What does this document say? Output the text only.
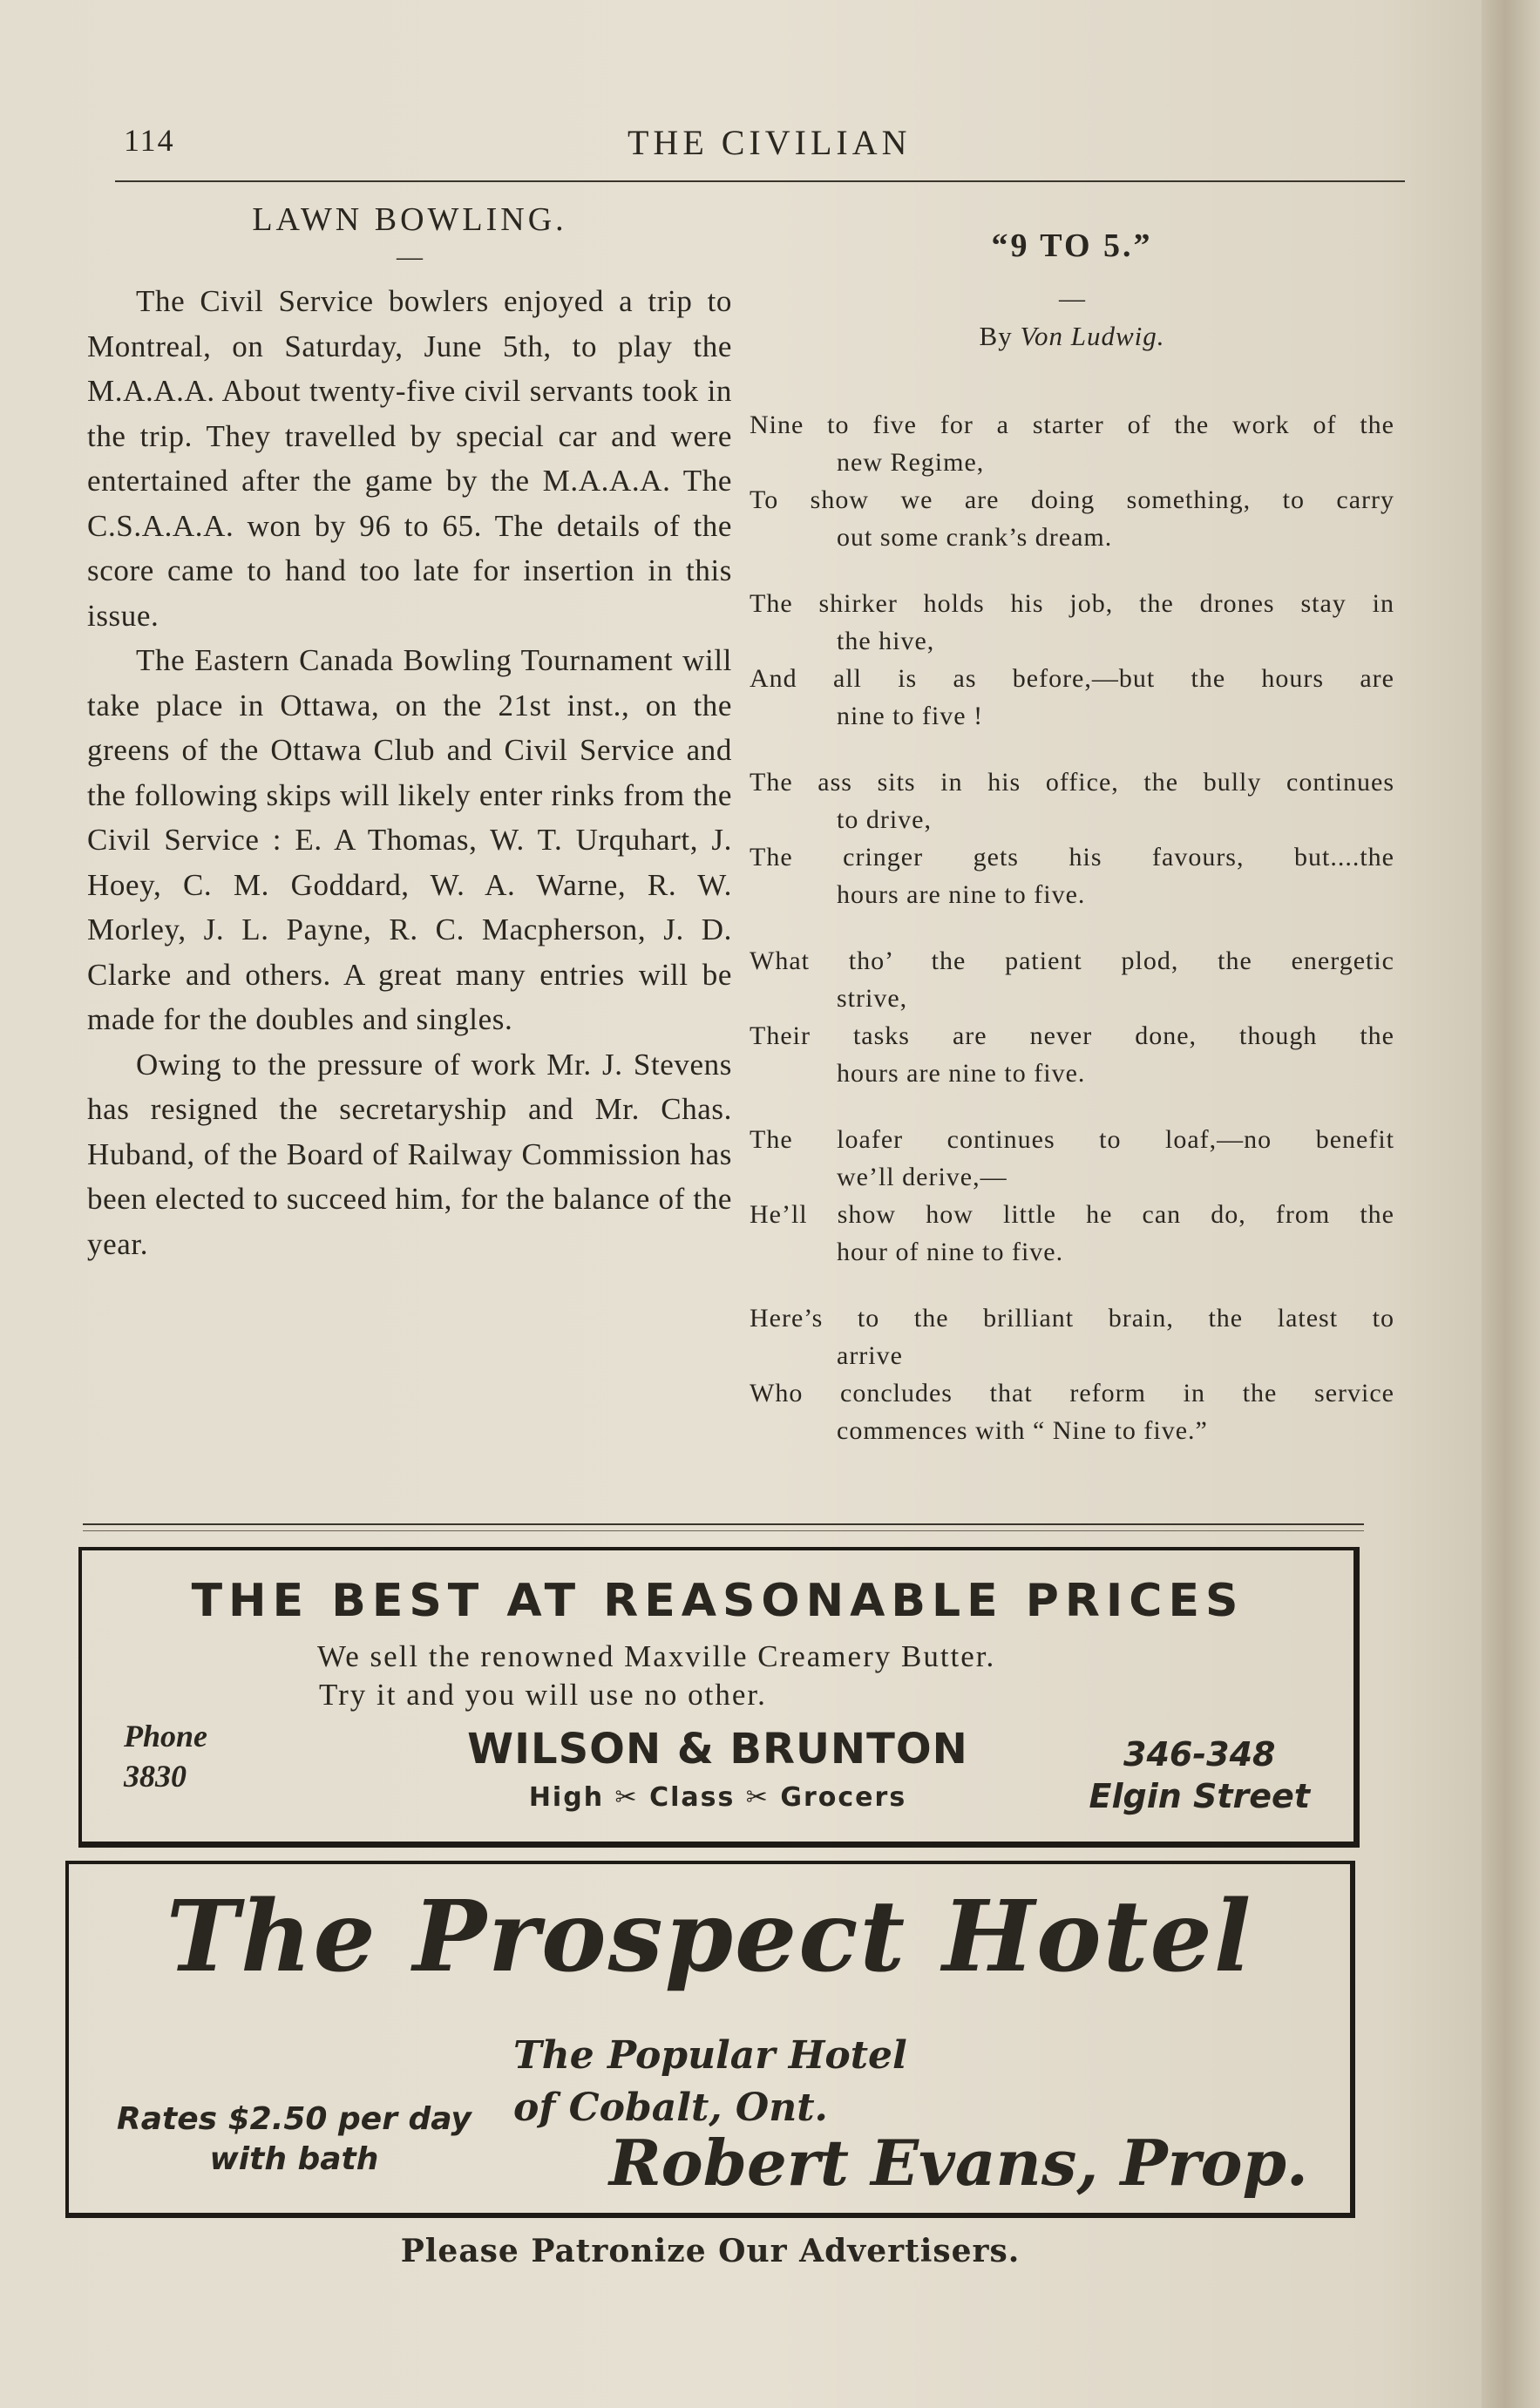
114	THE CIVILIAN
LAWN BOWLING.
—

The Civil Service bowlers enjoyed a trip to Montreal, on Saturday, June 5th, to play the M.A.A.A. About twenty-five civil servants took in the trip. They travelled by special car and were entertained after the game by the M.A.A.A. The C.S.A.A.A. won by 96 to 65. The details of the score came to hand too late for insertion in this issue.

The Eastern Canada Bowling Tournament will take place in Ottawa, on the 21st inst., on the greens of the Ottawa Club and Civil Service and the following skips will likely enter rinks from the Civil Service : E. A Thomas, W. T. Urquhart, J. Hoey, C. M. Goddard, W. A. Warne, R. W. Morley, J. L. Payne, R. C. Macpherson, J. D. Clarke and others. A great many entries will be made for the doubles and singles.

Owing to the pressure of work Mr. J. Stevens has resigned the secretaryship and Mr. Chas. Huband, of the Board of Railway Commission has been elected to succeed him, for the balance of the year.

“9 TO 5.”
—
By Von Ludwig.
Nine to five for a starter of the work of the
new Regime,
To show we are doing something, to carry
out some crank’s dream.
The shirker holds his job, the drones stay in
the hive,
And all is as before,—but the hours are
nine to five !
The ass sits in his office, the bully continues
to drive,
The cringer gets his favours, but....the
hours are nine to five.
What tho’ the patient plod, the energetic
strive,
Their tasks are never done, though the
hours are nine to five.
The loafer continues to loaf,—no benefit
we’ll derive,—
He’ll show how little he can do, from the
hour of nine to five.
Here’s to the brilliant brain, the latest to
arrive
Who concludes that reform in the service
commences with “ Nine to five.”
THE BEST AT REASONABLE PRICES
We sell the renowned Maxville Creamery Butter.
Try it and you will use no other.
Phone
3830
WILSON & BRUNTON
High ✂ Class ✂ Grocers
346-348
Elgin Street
The Prospect Hotel
The Popular Hotel
of Cobalt, Ont.
Rates $2.50 per day
with bath	Robert Evans, Prop.
Please Patronize Our Advertisers.
